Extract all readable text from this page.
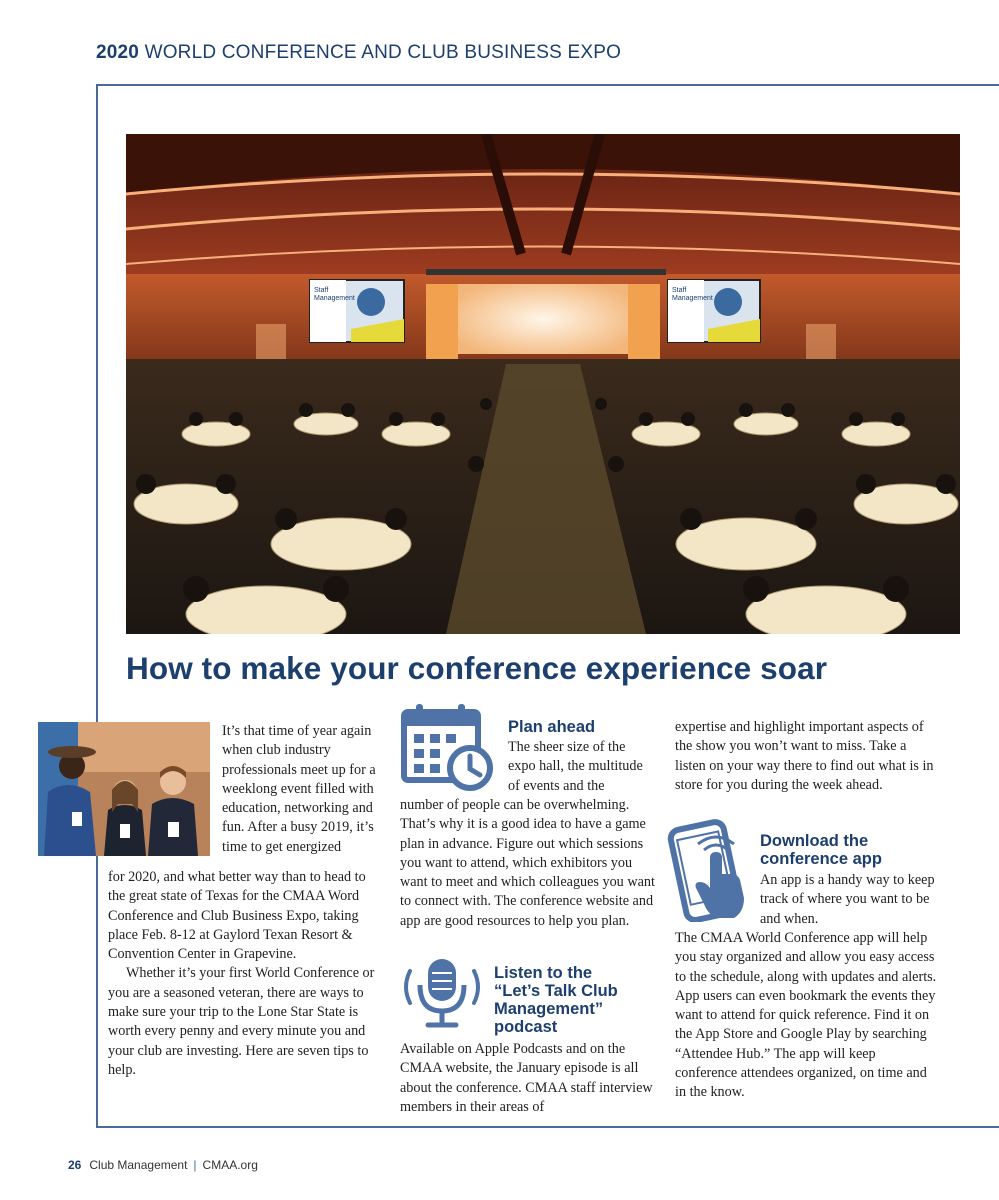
2020 WORLD CONFERENCE AND CLUB BUSINESS EXPO
Staff
Management
Staff
Management
How to make your conference experience soar
It’s that time of year again when club industry professionals meet up for a weeklong event filled with education, networking and fun. After a busy 2019, it’s time to get energized

for 2020, and what better way than to head to the great state of Texas for the CMAA Word Conference and Club Business Expo, taking place Feb. 8-12 at Gaylord Texan Resort & Convention Center in Grapevine.

Whether it’s your first World Conference or you are a seasoned veteran, there are ways to make sure your trip to the Lone Star State is worth every penny and every minute you and your club are investing. Here are seven tips to help.

Plan ahead
The sheer size of the expo hall, the multitude of events and the
number of people can be overwhelming. That’s why it is a good idea to have a game plan in advance. Figure out which sessions you want to attend, which exhibitors you want to meet and which colleagues you want to connect with. The conference website and app are good resources to help you plan.
Listen to the
“Let’s Talk Club
Management”
podcast
Available on Apple Podcasts and on the CMAA website, the January episode is all about the conference. CMAA staff interview members in their areas of
expertise and highlight important aspects of the show you won’t want to miss. Take a listen on your way there to find out what is in store for you during the week ahead.
Download the
conference app
An app is a handy way to keep track of where you want to be and when.
The CMAA World Conference app will help you stay organized and allow you easy access to the schedule, along with updates and alerts. App users can even bookmark the events they want to attend for quick reference. Find it on the App Store and Google Play by searching “Attendee Hub.” The app will keep conference attendees organized, on time and in the know.
26 Club Management | CMAA.org
